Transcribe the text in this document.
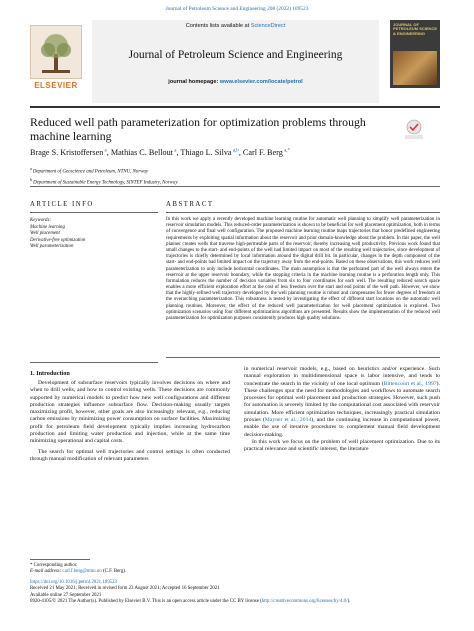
Journal of Petroleum Science and Engineering 208 (2022) 109523
ELSEVIER
Contents lists available at ScienceDirect
Journal of Petroleum Science and Engineering
journal homepage: www.elsevier.com/locate/petrol
JOURNAL OF PETROLEUM SCIENCE & ENGINEERING
Reduced well path parameterization for optimization problems through machine learning
Brage S. Kristoffersen $^a$, Mathias C. Bellout $^a$, Thiago L. Silva $^{a,b}$, Carl F. Berg $^{a,*}$
$^a$ Department of Geoscience and Petroleum, NTNU, Norway
$^b$ Department of Sustainable Energy Technology, SINTEF Industry, Norway
ARTICLE INFO	ABSTRACT
Keywords:
Machine learning
Well placement
Derivative-free optimization
Well parameterization
In this work we apply a recently developed machine learning routine for automatic well planning to simplify well parameterization in reservoir simulation models. This reduced-order parameterization is shown to be beneficial for well placement optimization, both in terms of convergence and final well configuration. The proposed machine learning routine maps trajectories that honor predefined engineering requirements by exploiting spatial information about the reservoir and prior domain-knowledge about the problem. In this paper, the well planner creates wells that traverse high-permeable parts of the reservoir, thereby increasing well productivity. Previous work found that small changes to the start- and end-points of the well had limited impact on most of the resulting well trajectories, since development of trajectories is chiefly determined by local information around the digital drill bit. In particular, changes in the depth component of the start- and end-points had limited impact on the trajectory away from the end-points. Based on these observations, this work reduces well parameterization to only include horizontal coordinates. The main assumption is that the perforated part of the well always enters the reservoir at the upper reservoir boundary, while the stopping criteria in the machine learning routine is a perforation length only. This formulation reduces the number of decision variables from six to four coordinates for each well. The resulting reduced search space enables a more efficient exploration effort at the cost of less freedom over the start and end points of the well path. However, we show that the highly-refined well trajectory developed by the well planning routine is robust and compensates for fewer degrees of freedom at the overarching parameterization. This robustness is tested by investigating the effect of different start locations on the automatic well planning routines. Moreover, the effect of the reduced well parameterization for well placement optimization is explored. Two optimization scenarios using four different optimizations algorithms are presented. Results show the implementation of the reduced well parameterization for optimization purposes consistently produces high quality solutions.
1. Introduction

Development of subsurface reservoirs typically involves decisions on where and when to drill wells, and how to control existing wells. These decisions are commonly supported by numerical models to predict how new well configurations and different production strategies influence subsurface flow. Decision-making usually targets maximizing profit, however, other goals are also increasingly relevant, e.g., reducing carbon emissions by minimizing power consumption on surface facilities. Maximizing profit for petroleum field development typically implies increasing hydrocarbon production and limiting water production and injection, while at the same time minimizing operational and capital costs.

The search for optimal well trajectories and control settings is often conducted through manual modification of relevant parameters

in numerical reservoir models, e.g., based on heuristics and/or experience. Such manual exploration in multidimensional space is labor intensive, and tends to concentrate the search in the vicinity of one local optimum (Bittencourt et al., 1997). These challenges spur the need for methodologies and workflows to automate search processes for optimal well placement and production strategies. However, such push for automation is severely limited by the computational cost associated with reservoir simulation. More efficient optimization techniques, increasingly practical simulation proxies (Mayner et al., 2014), and the continuing increase in computational power, enable the use of iterative procedures to complement manual field development decision-making.

In this work we focus on the problem of well placement optimization. Due to its practical relevance and scientific interest, the literature

* Corresponding author.
E-mail address: carl.f.berg@ntnu.no (C.F. Berg).
https://doi.org/10.1016/j.petrol.2021.109523
Received 21 May 2021; Received in revised form 23 August 2021; Accepted 16 September 2021
Available online 27 September 2021
0920-4105/© 2021 The Author(s). Published by Elsevier B.V. This is an open access article under the CC BY license (http://creativecommons.org/licenses/by/4.0/).
